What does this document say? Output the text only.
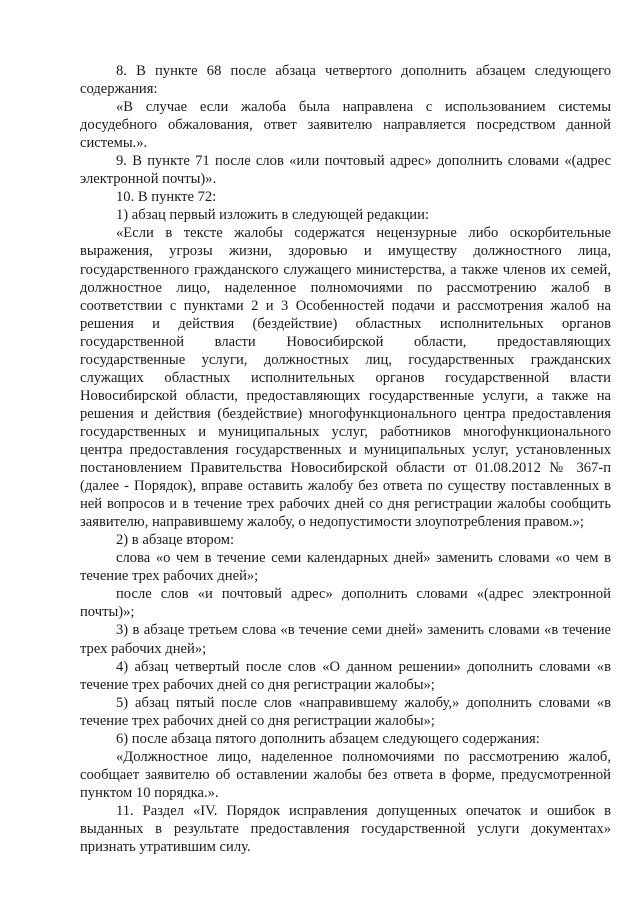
8. В пункте 68 после абзаца четвертого дополнить абзацем следующего содержания:

«В случае если жалоба была направлена с использованием системы досудебного обжалования, ответ заявителю направляется посредством данной системы.».

9. В пункте 71 после слов «или почтовый адрес» дополнить словами «(адрес электронной почты)».

10. В пункте 72:

1) абзац первый изложить в следующей редакции:

«Если в тексте жалобы содержатся нецензурные либо оскорбительные выражения, угрозы жизни, здоровью и имуществу должностного лица, государственного гражданского служащего министерства, а также членов их семей, должностное лицо, наделенное полномочиями по рассмотрению жалоб в соответствии с пунктами 2 и 3 Особенностей подачи и рассмотрения жалоб на решения и действия (бездействие) областных исполнительных органов государственной власти Новосибирской области, предоставляющих государственные услуги, должностных лиц, государственных гражданских служащих областных исполнительных органов государственной власти Новосибирской области, предоставляющих государственные услуги, а также на решения и действия (бездействие) многофункционального центра предоставления государственных и муниципальных услуг, работников многофункционального центра предоставления государственных и муниципальных услуг, установленных постановлением Правительства Новосибирской области от 01.08.2012 № 367-п (далее - Порядок), вправе оставить жалобу без ответа по существу поставленных в ней вопросов и в течение трех рабочих дней со дня регистрации жалобы сообщить заявителю, направившему жалобу, о недопустимости злоупотребления правом.»;

2) в абзаце втором:

слова «о чем в течение семи календарных дней» заменить словами «о чем в течение трех рабочих дней»;

после слов «и почтовый адрес» дополнить словами «(адрес электронной почты)»;

3) в абзаце третьем слова «в течение семи дней» заменить словами «в течение трех рабочих дней»;

4) абзац четвертый после слов «О данном решении» дополнить словами «в течение трех рабочих дней со дня регистрации жалобы»;

5) абзац пятый после слов «направившему жалобу,» дополнить словами «в течение трех рабочих дней со дня регистрации жалобы»;

6) после абзаца пятого дополнить абзацем следующего содержания:

«Должностное лицо, наделенное полномочиями по рассмотрению жалоб, сообщает заявителю об оставлении жалобы без ответа в форме, предусмотренной пунктом 10 порядка.».

11. Раздел «IV. Порядок исправления допущенных опечаток и ошибок в выданных в результате предоставления государственной услуги документах» признать утратившим силу.
